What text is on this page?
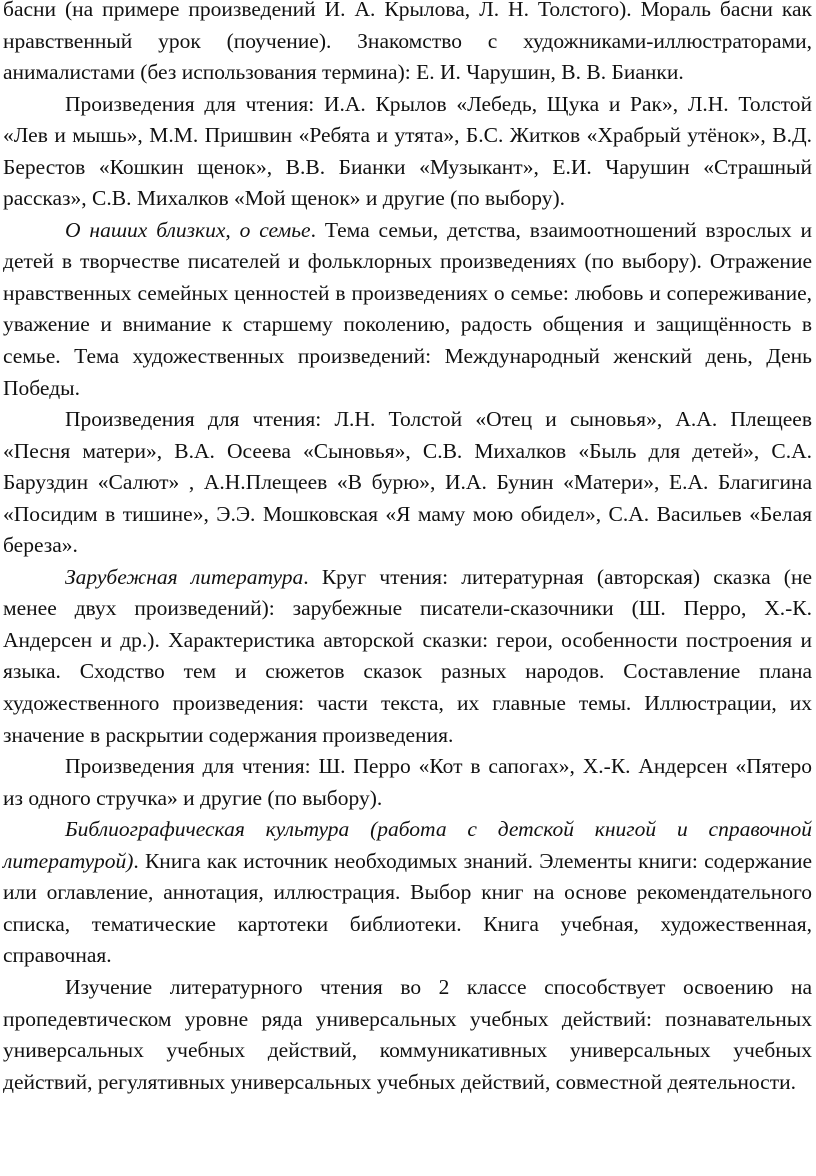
басни (на примере произведений И. А. Крылова, Л. Н. Толстого). Мораль басни как нравственный урок (поучение). Знакомство с художниками-иллюстраторами, анималистами (без использования термина): Е. И. Чарушин, В. В. Бианки.

Произведения для чтения: И.А. Крылов «Лебедь, Щука и Рак», Л.Н. Толстой «Лев и мышь», М.М. Пришвин «Ребята и утята», Б.С. Житков «Храбрый утёнок», В.Д. Берестов «Кошкин щенок», В.В. Бианки «Музыкант», Е.И. Чарушин «Страшный рассказ», С.В. Михалков «Мой щенок» и другие (по выбору).

О наших близких, о семье. Тема семьи, детства, взаимоотношений взрослых и детей в творчестве писателей и фольклорных произведениях (по выбору). Отражение нравственных семейных ценностей в произведениях о семье: любовь и сопереживание, уважение и внимание к старшему поколению, радость общения и защищённость в семье. Тема художественных произведений: Международный женский день, День Победы.

Произведения для чтения: Л.Н. Толстой «Отец и сыновья», А.А. Плещеев «Песня матери», В.А. Осеева «Сыновья», С.В. Михалков «Быль для детей», С.А. Баруздин «Салют» , А.Н.Плещеев «В бурю», И.А. Бунин «Матери», Е.А. Благигина «Посидим в тишине», Э.Э. Мошковская «Я маму мою обидел», С.А. Васильев «Белая береза».

Зарубежная литература. Круг чтения: литературная (авторская) сказка (не менее двух произведений): зарубежные писатели-сказочники (Ш. Перро, Х.-К. Андерсен и др.). Характеристика авторской сказки: герои, особенности построения и языка. Сходство тем и сюжетов сказок разных народов. Составление плана художественного произведения: части текста, их главные темы. Иллюстрации, их значение в раскрытии содержания произведения.

Произведения для чтения: Ш. Перро «Кот в сапогах», Х.-К. Андерсен «Пятеро из одного стручка» и другие (по выбору).

Библиографическая культура (работа с детской книгой и справочной литературой). Книга как источник необходимых знаний. Элементы книги: содержание или оглавление, аннотация, иллюстрация. Выбор книг на основе рекомендательного списка, тематические картотеки библиотеки. Книга учебная, художественная, справочная.

Изучение литературного чтения во 2 классе способствует освоению на пропедевтическом уровне ряда универсальных учебных действий: познавательных универсальных учебных действий, коммуникативных универсальных учебных действий, регулятивных универсальных учебных действий, совместной деятельности.
